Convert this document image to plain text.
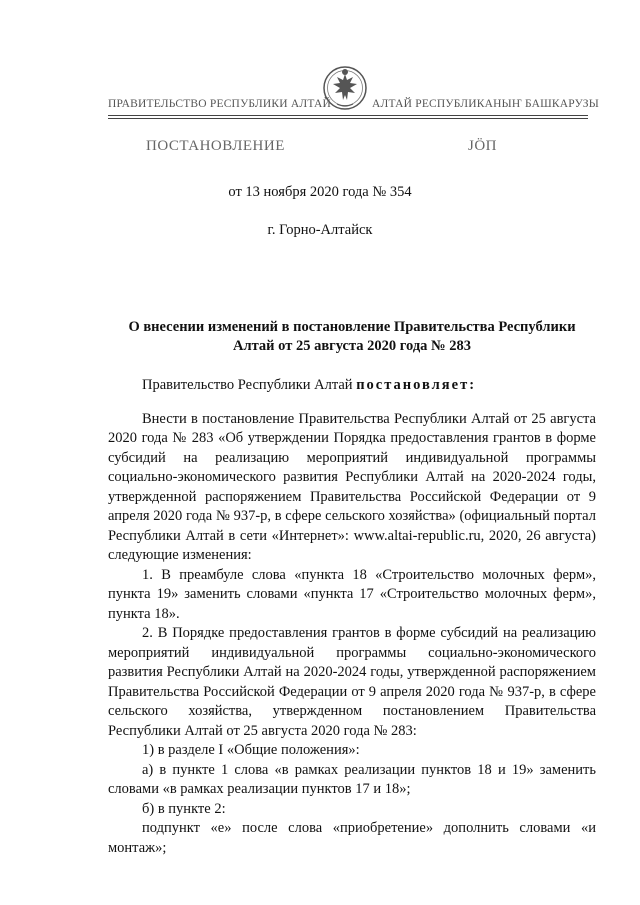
ПРАВИТЕЛЬСТВО РЕСПУБЛИКИ АЛТАЙ	АЛТАЙ РЕСПУБЛИКАНЫҤ БАШКАРУЗЫ
ПОСТАНОВЛЕНИЕ	ЈÖП
от 13 ноября 2020 года № 354
г. Горно-Алтайск
О внесении изменений в постановление Правительства Республики
Алтай от 25 августа 2020 года № 283

Правительство Республики Алтай постановляет:

Внести в постановление Правительства Республики Алтай от 25 августа 2020 года № 283 «Об утверждении Порядка предоставления грантов в форме субсидий на реализацию мероприятий индивидуальной программы социально-экономического развития Республики Алтай на 2020-2024 годы, утвержденной распоряжением Правительства Российской Федерации от 9 апреля 2020 года № 937-р, в сфере сельского хозяйства» (официальный портал Республики Алтай в сети «Интернет»: www.altai-republic.ru, 2020, 26 августа) следующие изменения:

1. В преамбуле слова «пункта 18 «Строительство молочных ферм», пункта 19» заменить словами «пункта 17 «Строительство молочных ферм», пункта 18».

2. В Порядке предоставления грантов в форме субсидий на реализацию мероприятий индивидуальной программы социально-экономического развития Республики Алтай на 2020-2024 годы, утвержденной распоряжением Правительства Российской Федерации от 9 апреля 2020 года № 937-р, в сфере сельского хозяйства, утвержденном постановлением Правительства Республики Алтай от 25 августа 2020 года № 283:

1) в разделе I «Общие положения»:

а) в пункте 1 слова «в рамках реализации пунктов 18 и 19» заменить словами «в рамках реализации пунктов 17 и 18»;

б) в пункте 2:

подпункт «е» после слова «приобретение» дополнить словами «и монтаж»;
